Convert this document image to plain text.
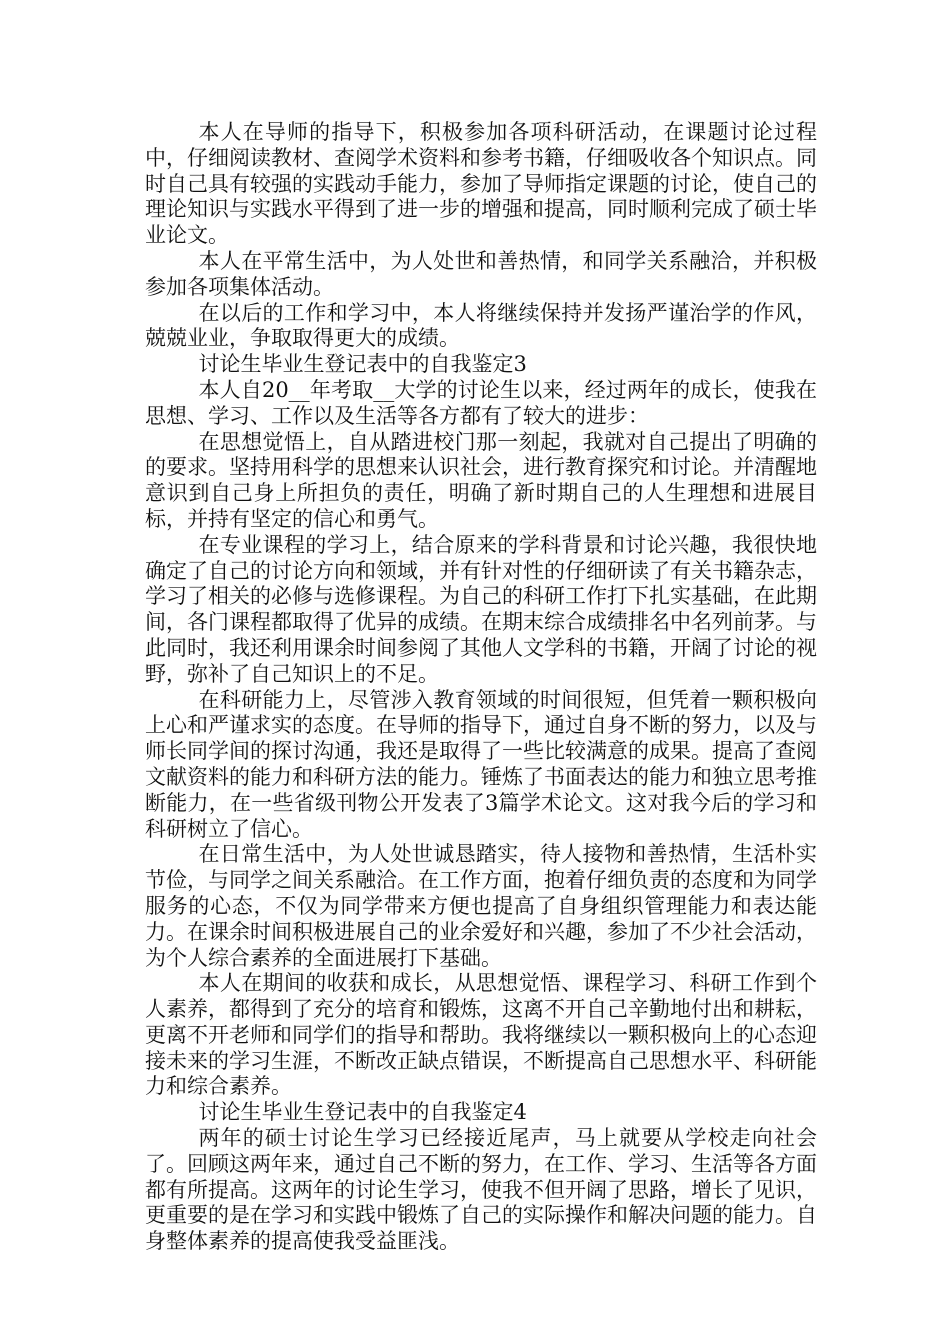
本人在导师的指导下，积极参加各项科研活动，在课题讨论过程中，仔细阅读教材、查阅学术资料和参考书籍，仔细吸收各个知识点。同时自己具有较强的实践动手能力，参加了导师指定课题的讨论，使自己的理论知识与实践水平得到了进一步的增强和提高，同时顺利完成了硕士毕业论文。

本人在平常生活中，为人处世和善热情，和同学关系融洽，并积极参加各项集体活动。

在以后的工作和学习中，本人将继续保持并发扬严谨治学的作风，兢兢业业，争取取得更大的成绩。

讨论生毕业生登记表中的自我鉴定3

本人自20__年考取__大学的讨论生以来，经过两年的成长，使我在思想、学习、工作以及生活等各方都有了较大的进步：

在思想觉悟上，自从踏进校门那一刻起，我就对自己提出了明确的的要求。坚持用科学的思想来认识社会，进行教育探究和讨论。并清醒地意识到自己身上所担负的责任，明确了新时期自己的人生理想和进展目标，并持有坚定的信心和勇气。

在专业课程的学习上，结合原来的学科背景和讨论兴趣，我很快地确定了自己的讨论方向和领域，并有针对性的仔细研读了有关书籍杂志，学习了相关的必修与选修课程。为自己的科研工作打下扎实基础，在此期间，各门课程都取得了优异的成绩。在期末综合成绩排名中名列前茅。与此同时，我还利用课余时间参阅了其他人文学科的书籍，开阔了讨论的视野，弥补了自己知识上的不足。

在科研能力上，尽管涉入教育领域的时间很短，但凭着一颗积极向上心和严谨求实的态度。在导师的指导下，通过自身不断的努力，以及与师长同学间的探讨沟通，我还是取得了一些比较满意的成果。提高了查阅文献资料的能力和科研方法的能力。锤炼了书面表达的能力和独立思考推断能力，在一些省级刊物公开发表了3篇学术论文。这对我今后的学习和科研树立了信心。

在日常生活中，为人处世诚恳踏实，待人接物和善热情，生活朴实节俭，与同学之间关系融洽。在工作方面，抱着仔细负责的态度和为同学服务的心态，不仅为同学带来方便也提高了自身组织管理能力和表达能力。在课余时间积极进展自己的业余爱好和兴趣，参加了不少社会活动，为个人综合素养的全面进展打下基础。

本人在期间的收获和成长，从思想觉悟、课程学习、科研工作到个人素养，都得到了充分的培育和锻炼，这离不开自己辛勤地付出和耕耘，更离不开老师和同学们的指导和帮助。我将继续以一颗积极向上的心态迎接未来的学习生涯，不断改正缺点错误，不断提高自己思想水平、科研能力和综合素养。

讨论生毕业生登记表中的自我鉴定4

两年的硕士讨论生学习已经接近尾声，马上就要从学校走向社会了。回顾这两年来，通过自己不断的努力，在工作、学习、生活等各方面都有所提高。这两年的讨论生学习，使我不但开阔了思路，增长了见识，更重要的是在学习和实践中锻炼了自己的实际操作和解决问题的能力。自身整体素养的提高使我受益匪浅。
